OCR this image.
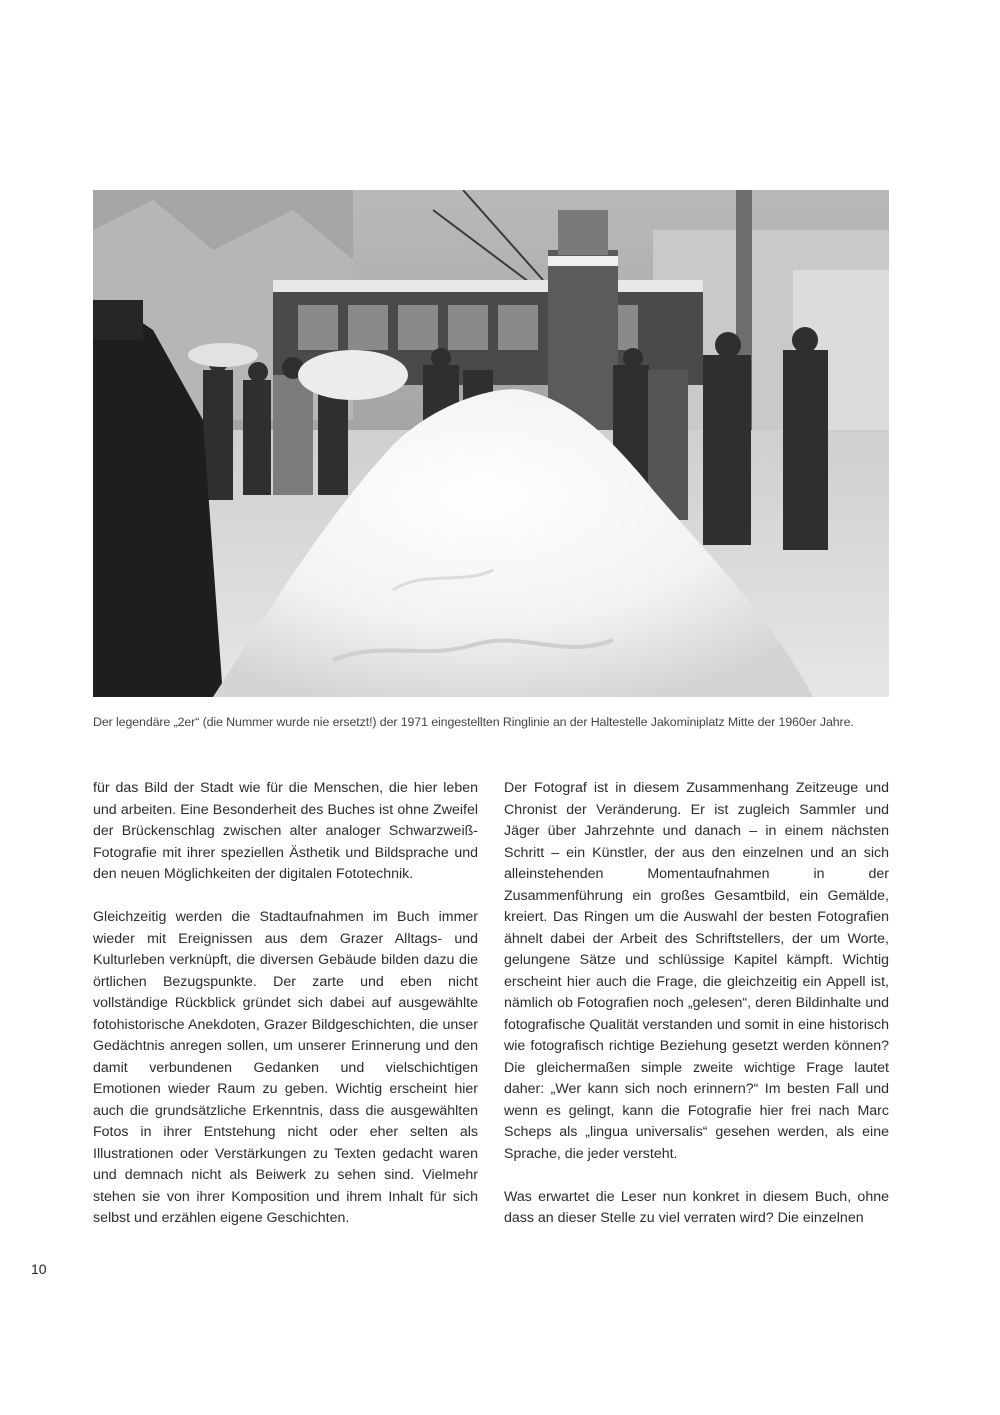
Der legendäre „2er“ (die Nummer wurde nie ersetzt!) der 1971 eingestellten Ringlinie an der Haltestelle Jakominiplatz Mitte der 1960er Jahre.

für das Bild der Stadt wie für die Menschen, die hier leben und arbeiten. Eine Besonderheit des Buches ist ohne Zweifel der Brückenschlag zwischen alter analoger Schwarzweiß-Fotografie mit ihrer speziellen Ästhetik und Bildsprache und den neuen Möglichkeiten der digitalen Fototechnik.

Gleichzeitig werden die Stadtaufnahmen im Buch immer wieder mit Ereignissen aus dem Grazer Alltags- und Kulturleben verknüpft, die diversen Gebäude bilden dazu die örtlichen Bezugspunkte. Der zarte und eben nicht vollständige Rückblick gründet sich dabei auf ausgewählte fotohistorische Anekdoten, Grazer Bildgeschichten, die unser Gedächtnis anregen sollen, um unserer Erinnerung und den damit verbundenen Gedanken und vielschichtigen Emotionen wieder Raum zu geben. Wichtig erscheint hier auch die grundsätzliche Erkenntnis, dass die ausgewählten Fotos in ihrer Entstehung nicht oder eher selten als Illustrationen oder Verstärkungen zu Texten gedacht waren und demnach nicht als Beiwerk zu sehen sind. Vielmehr stehen sie von ihrer Komposition und ihrem Inhalt für sich selbst und erzählen eigene Geschichten.

Der Fotograf ist in diesem Zusammenhang Zeitzeuge und Chronist der Veränderung. Er ist zugleich Sammler und Jäger über Jahrzehnte und danach – in einem nächsten Schritt – ein Künstler, der aus den einzelnen und an sich alleinstehenden Momentaufnahmen in der Zusammenführung ein großes Gesamtbild, ein Gemälde, kreiert. Das Ringen um die Auswahl der besten Fotografien ähnelt dabei der Arbeit des Schriftstellers, der um Worte, gelungene Sätze und schlüssige Kapitel kämpft. Wichtig erscheint hier auch die Frage, die gleichzeitig ein Appell ist, nämlich ob Fotografien noch „gelesen“, deren Bildinhalte und fotografische Qualität verstanden und somit in eine historisch wie fotografisch richtige Beziehung gesetzt werden können? Die gleichermaßen simple zweite wichtige Frage lautet daher: „Wer kann sich noch erinnern?“ Im besten Fall und wenn es gelingt, kann die Fotografie hier frei nach Marc Scheps als „lingua universalis“ gesehen werden, als eine Sprache, die jeder versteht.

Was erwartet die Leser nun konkret in diesem Buch, ohne dass an dieser Stelle zu viel verraten wird? Die einzelnen

10
